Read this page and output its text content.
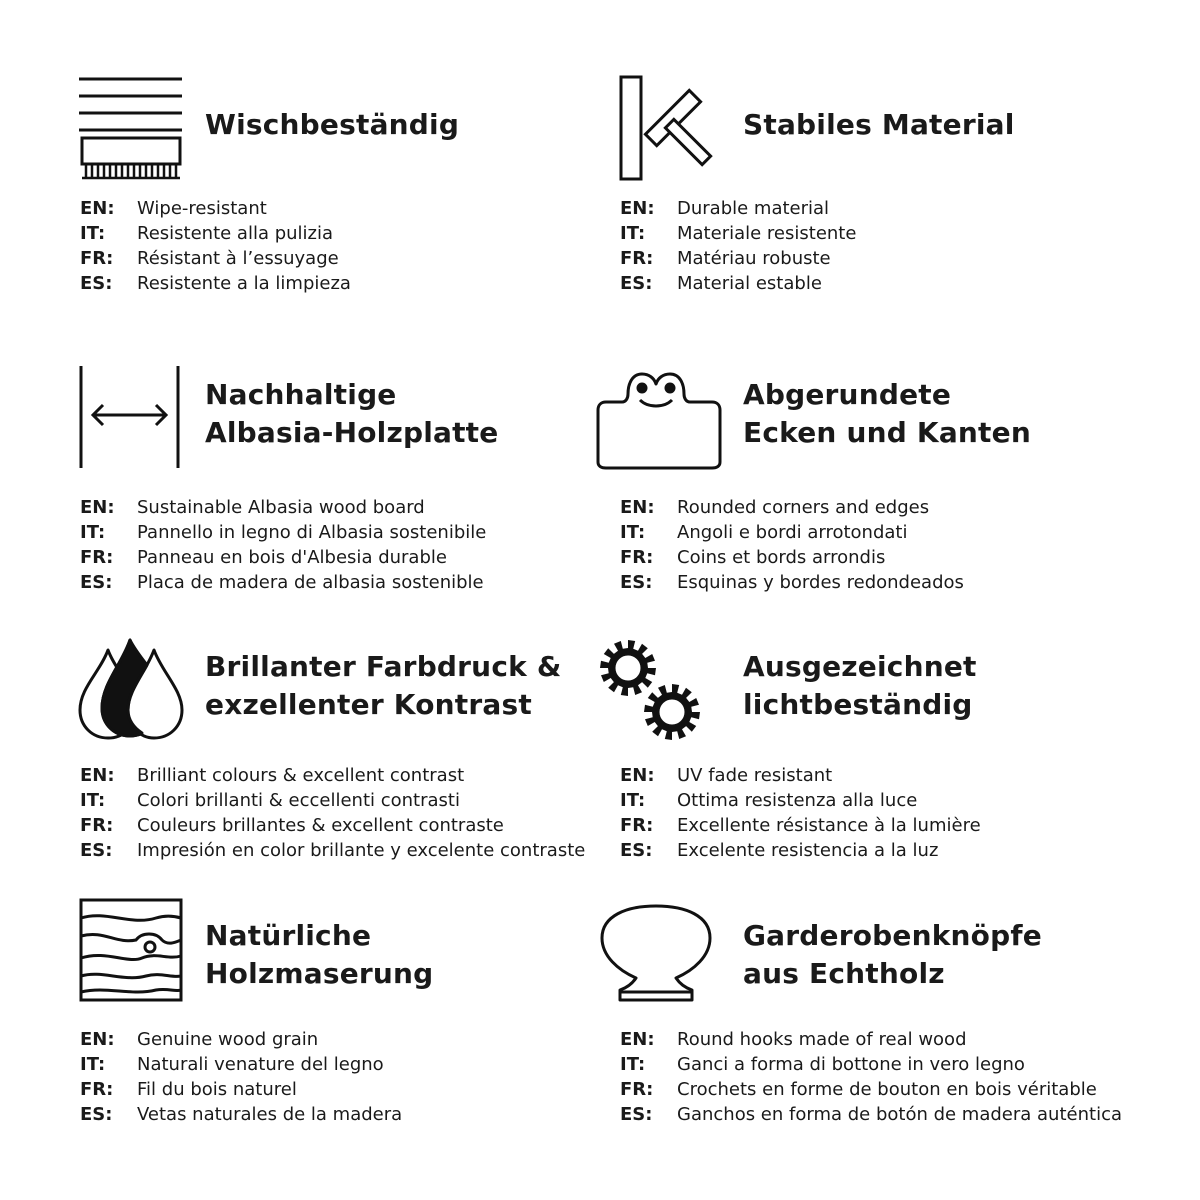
Wischbeständig
EN: Wipe-resistant
IT: Resistente alla pulizia
FR: Résistant à l’essuyage
ES: Resistente a la limpieza
Stabiles Material
EN: Durable material
IT: Materiale resistente
FR: Matériau robuste
ES: Material estable
Nachhaltige
Albasia-Holzplatte
EN: Sustainable Albasia wood board
IT: Pannello in legno di Albasia sostenibile
FR: Panneau en bois d'Albesia durable
ES: Placa de madera de albasia sostenible
Abgerundete
Ecken und Kanten
EN: Rounded corners and edges
IT: Angoli e bordi arrotondati
FR: Coins et bords arrondis
ES: Esquinas y bordes redondeados
Brillanter Farbdruck &
exzellenter Kontrast
EN: Brilliant colours & excellent contrast
IT: Colori brillanti & eccellenti contrasti
FR: Couleurs brillantes & excellent contraste
ES: Impresión en color brillante y excelente contraste
Ausgezeichnet
lichtbeständig
EN: UV fade resistant
IT: Ottima resistenza alla luce
FR: Excellente résistance à la lumière
ES: Excelente resistencia a la luz
Natürliche
Holzmaserung
EN: Genuine wood grain
IT: Naturali venature del legno
FR: Fil du bois naturel
ES: Vetas naturales de la madera
Garderobenknöpfe
aus Echtholz
EN: Round hooks made of real wood
IT: Ganci a forma di bottone in vero legno
FR: Crochets en forme de bouton en bois véritable
ES: Ganchos en forma de botón de madera auténtica
